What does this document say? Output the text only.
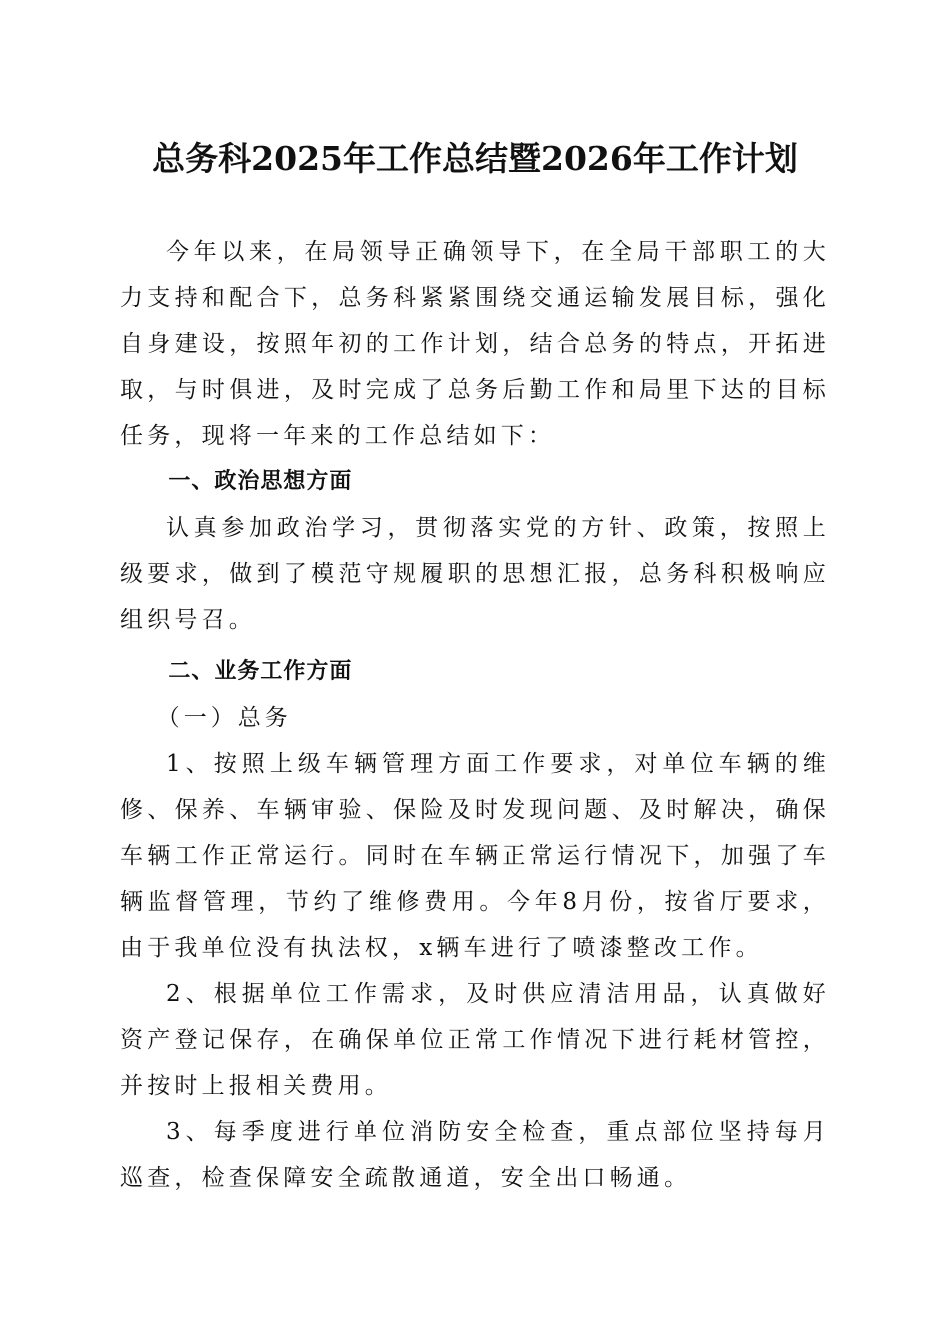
总务科2025年工作总结暨2026年工作计划

今年以来，在局领导正确领导下，在全局干部职工的大力支持和配合下，总务科紧紧围绕交通运输发展目标，强化自身建设，按照年初的工作计划，结合总务的特点，开拓进取，与时俱进，及时完成了总务后勤工作和局里下达的目标任务，现将一年来的工作总结如下：

一、政治思想方面

认真参加政治学习，贯彻落实党的方针、政策，按照上级要求，做到了模范守规履职的思想汇报，总务科积极响应组织号召。

二、业务工作方面

（一）总务

1、按照上级车辆管理方面工作要求，对单位车辆的维修、保养、车辆审验、保险及时发现问题、及时解决，确保车辆工作正常运行。同时在车辆正常运行情况下，加强了车辆监督管理，节约了维修费用。今年8月份，按省厅要求，由于我单位没有执法权，x辆车进行了喷漆整改工作。

2、根据单位工作需求，及时供应清洁用品，认真做好资产登记保存，在确保单位正常工作情况下进行耗材管控，并按时上报相关费用。

3、每季度进行单位消防安全检查，重点部位坚持每月巡查，检查保障安全疏散通道，安全出口畅通。
